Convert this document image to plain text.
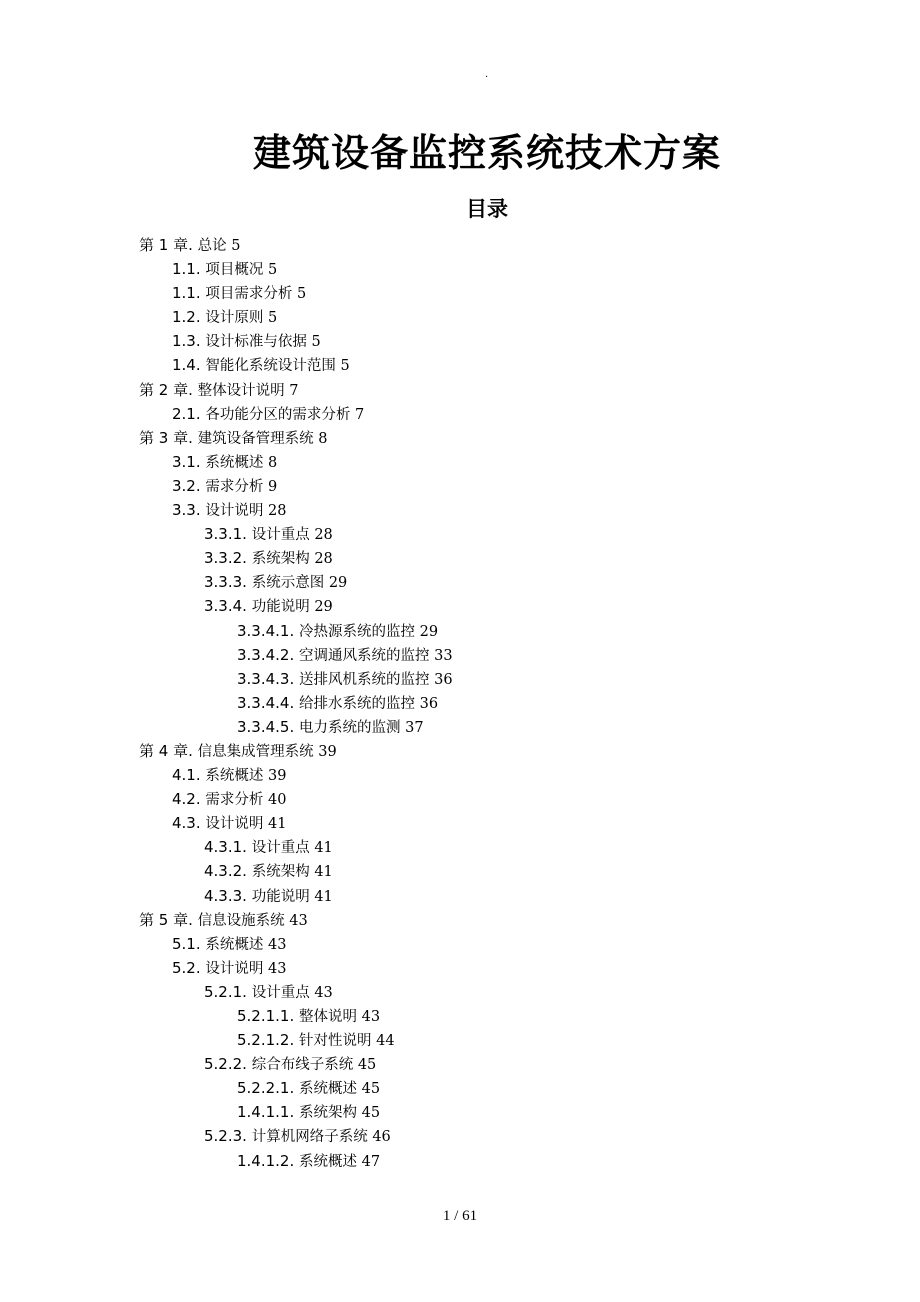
.
建筑设备监控系统技术方案
目录
第 1 章. 总论 5
1.1. 项目概况 5
1.1. 项目需求分析 5
1.2. 设计原则 5
1.3. 设计标准与依据 5
1.4. 智能化系统设计范围 5
第 2 章. 整体设计说明 7
2.1. 各功能分区的需求分析 7
第 3 章. 建筑设备管理系统 8
3.1. 系统概述 8
3.2. 需求分析 9
3.3. 设计说明 28
3.3.1. 设计重点 28
3.3.2. 系统架构 28
3.3.3. 系统示意图 29
3.3.4. 功能说明 29
3.3.4.1. 冷热源系统的监控 29
3.3.4.2. 空调通风系统的监控 33
3.3.4.3. 送排风机系统的监控 36
3.3.4.4. 给排水系统的监控 36
3.3.4.5. 电力系统的监测 37
第 4 章. 信息集成管理系统 39
4.1. 系统概述 39
4.2. 需求分析 40
4.3. 设计说明 41
4.3.1. 设计重点 41
4.3.2. 系统架构 41
4.3.3. 功能说明 41
第 5 章. 信息设施系统 43
5.1. 系统概述 43
5.2. 设计说明 43
5.2.1. 设计重点 43
5.2.1.1. 整体说明 43
5.2.1.2. 针对性说明 44
5.2.2. 综合布线子系统 45
5.2.2.1. 系统概述 45
1.4.1.1. 系统架构 45
5.2.3. 计算机网络子系统 46
1.4.1.2. 系统概述 47
1 / 61
